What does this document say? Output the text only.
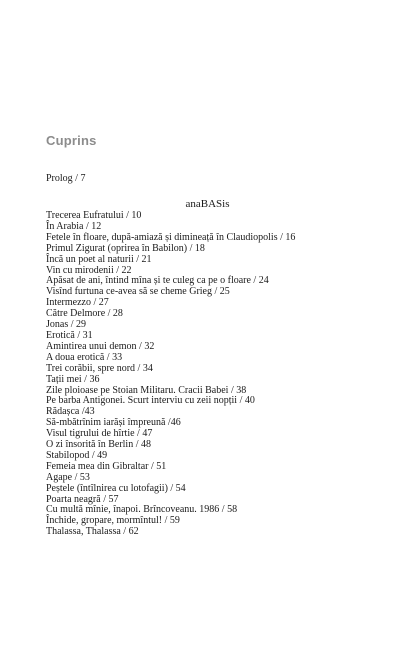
Cuprins
Prolog / 7
anaBASis
Trecerea Eufratului / 10
În Arabia / 12
Fetele în floare, după-amiază și dimineață în Claudiopolis / 16
Primul Zigurat (oprirea în Babilon) / 18
Încă un poet al naturii / 21
Vin cu mirodenii / 22
Apăsat de ani, întind mîna și te culeg ca pe o floare / 24
Visînd furtuna ce-avea să se cheme Grieg / 25
Intermezzo / 27
Către Delmore / 28
Jonas / 29
Erotică / 31
Amintirea unui demon / 32
A doua erotică / 33
Trei corăbii, spre nord / 34
Tații mei / 36
Zile ploioase pe Stoian Militaru. Cracii Babei / 38
Pe barba Antigonei. Scurt interviu cu zeii nopții / 40
Rădașca /43
Să-mbătrînim iarăși împreună /46
Visul tigrului de hîrtie / 47
O zi însorită în Berlin / 48
Stabilopod / 49
Femeia mea din Gibraltar / 51
Agape / 53
Peștele (întîlnirea cu lotofagii) / 54
Poarta neagră / 57
Cu multă mînie, înapoi. Brîncoveanu. 1986 / 58
Închide, gropare, mormîntul! / 59
Thalassa, Thalassa / 62
